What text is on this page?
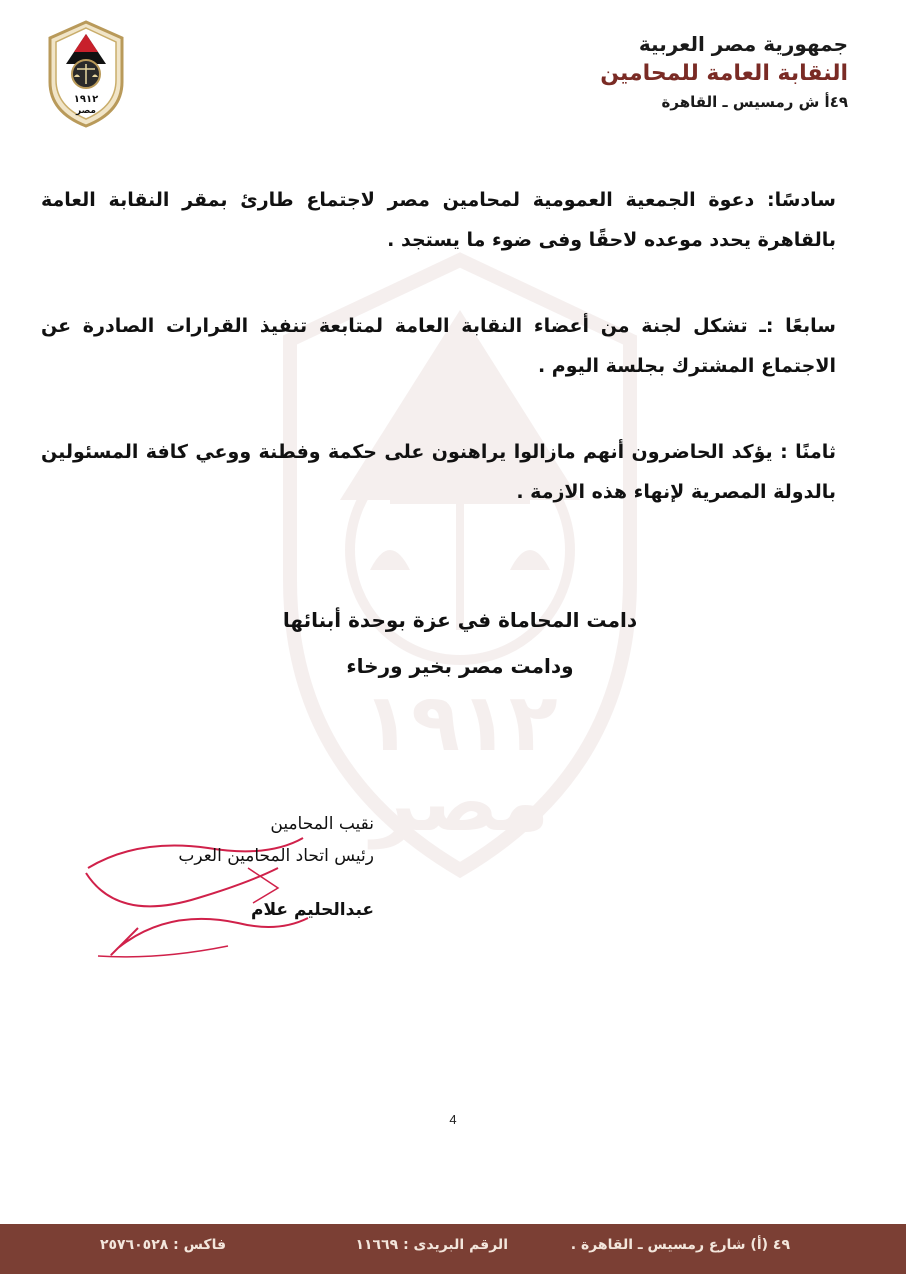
١٩١٢
مصر
١٩١٢
مصر
جمهورية مصر العربية
النقابة العامة للمحامين
٤٩أ ش رمسيس ـ القاهرة
سادسًا: دعوة الجمعية العمومية لمحامين مصر لاجتماع طارئ بمقر النقابة العامة بالقاهرة يحدد موعده لاحقًا وفى ضوء ما يستجد .
سابعًا :ـ تشكل لجنة من أعضاء النقابة العامة لمتابعة تنفيذ القرارات الصادرة عن الاجتماع المشترك بجلسة اليوم .
ثامنًا : يؤكد الحاضرون أنهم مازالوا يراهنون على حكمة وفطنة ووعي كافة المسئولين بالدولة المصرية لإنهاء هذه الازمة .
دامت المحاماة في عزة بوحدة أبنائها
ودامت مصر بخير ورخاء
نقيب المحامين
رئيس اتحاد المحامين العرب
عبدالحليم علام
4
٤٩ (أ) شارع رمسيس ـ القاهرة .
الرقم البريدى : ١١٦٦٩
فاكس : ٢٥٧٦٠٥٢٨
